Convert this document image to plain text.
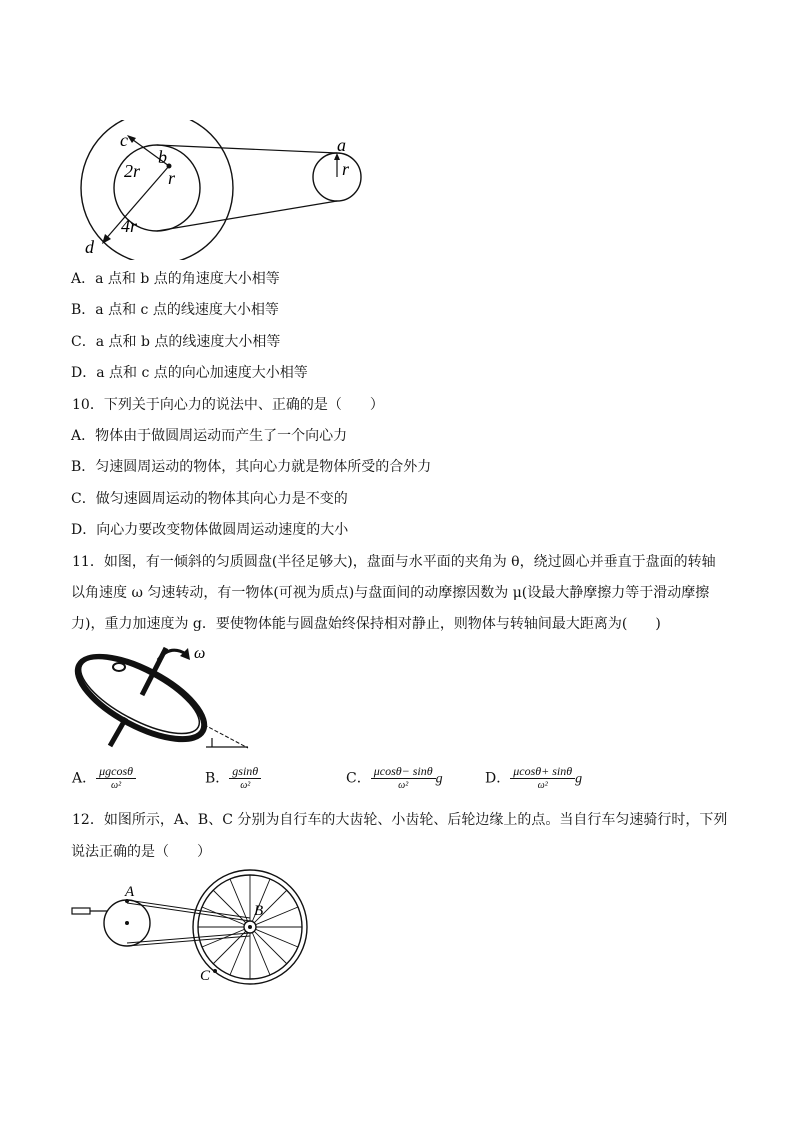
c
b
2r r
4r
d
a
r
A．a 点和 b 点的角速度大小相等
B．a 点和 c 点的线速度大小相等
C．a 点和 b 点的线速度大小相等
D．a 点和 c 点的向心加速度大小相等
10．下列关于向心力的说法中、正确的是（　　）
A．物体由于做圆周运动而产生了一个向心力
B．匀速圆周运动的物体，其向心力就是物体所受的合外力
C．做匀速圆周运动的物体其向心力是不变的
D．向心力要改变物体做圆周运动速度的大小
11．如图，有一倾斜的匀质圆盘(半径足够大)，盘面与水平面的夹角为 θ，绕过圆心并垂直于盘面的转轴
以角速度 ω 匀速转动，有一物体(可视为质点)与盘面间的动摩擦因数为 μ(设最大静摩擦力等于滑动摩擦
力)，重力加速度为 g．要使物体能与圆盘始终保持相对静止，则物体与转轴间最大距离为(　　)
ω
A． $\frac{\mu gcos\theta}{\text{ω²}}$	B． $\frac{gsin\theta}{\text{ω²}}$	C． $\frac{\mu\cos\theta- \sin\theta}{\text{ω²}}$ g	D． $\frac{\mu\cos\theta+ \sin\theta}{\text{ω²}}$ g
12．如图所示，A、B、C 分别为自行车的大齿轮、小齿轮、后轮边缘上的点。当自行车匀速骑行时，下列
说法正确的是（　　）
A
B
C
